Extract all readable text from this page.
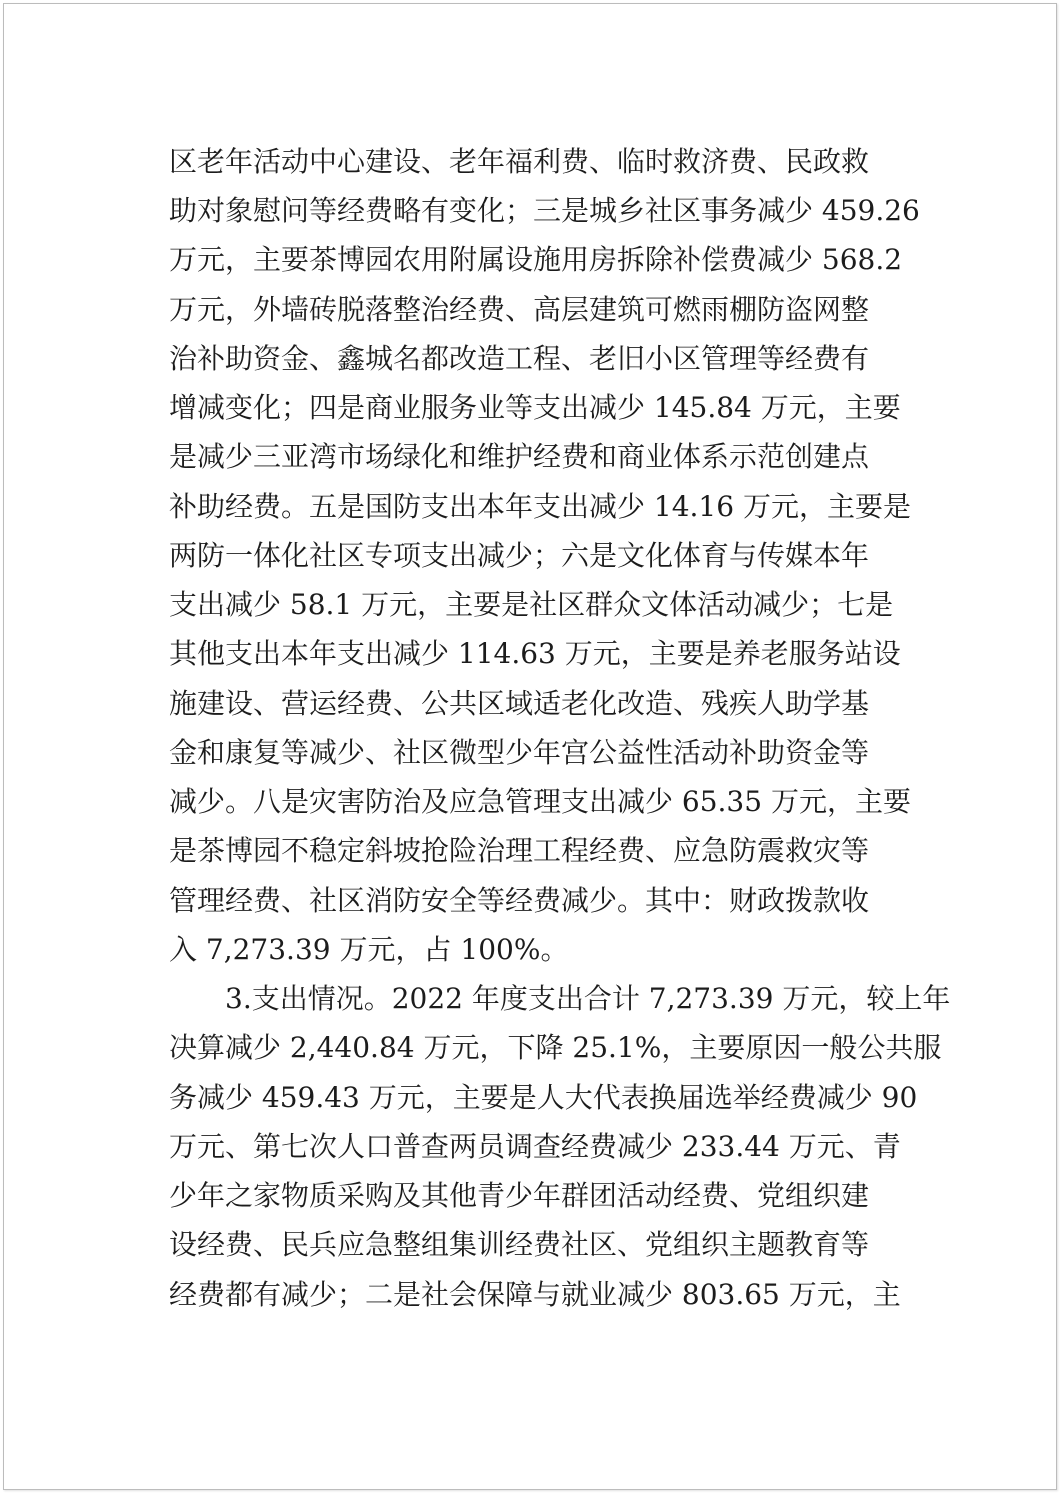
区老年活动中心建设、老年福利费、临时救济费、民政救
助对象慰问等经费略有变化；三是城乡社区事务减少 459.26
万元，主要茶博园农用附属设施用房拆除补偿费减少 568.2
万元，外墙砖脱落整治经费、高层建筑可燃雨棚防盗网整
治补助资金、鑫城名都改造工程、老旧小区管理等经费有
增减变化；四是商业服务业等支出减少 145.84 万元，主要
是减少三亚湾市场绿化和维护经费和商业体系示范创建点
补助经费。五是国防支出本年支出减少 14.16 万元，主要是
两防一体化社区专项支出减少；六是文化体育与传媒本年
支出减少 58.1 万元，主要是社区群众文体活动减少；七是
其他支出本年支出减少 114.63 万元，主要是养老服务站设
施建设、营运经费、公共区域适老化改造、残疾人助学基
金和康复等减少、社区微型少年宫公益性活动补助资金等
减少。八是灾害防治及应急管理支出减少 65.35 万元，主要
是茶博园不稳定斜坡抢险治理工程经费、应急防震救灾等
管理经费、社区消防安全等经费减少。其中：财政拨款收
入 7,273.39 万元，占 100%。
3.支出情况。2022 年度支出合计 7,273.39 万元，较上年
决算减少 2,440.84 万元，下降 25.1%，主要原因一般公共服
务减少 459.43 万元，主要是人大代表换届选举经费减少 90
万元、第七次人口普查两员调查经费减少 233.44 万元、青
少年之家物质采购及其他青少年群团活动经费、党组织建
设经费、民兵应急整组集训经费社区、党组织主题教育等
经费都有减少；二是社会保障与就业减少 803.65 万元，主
